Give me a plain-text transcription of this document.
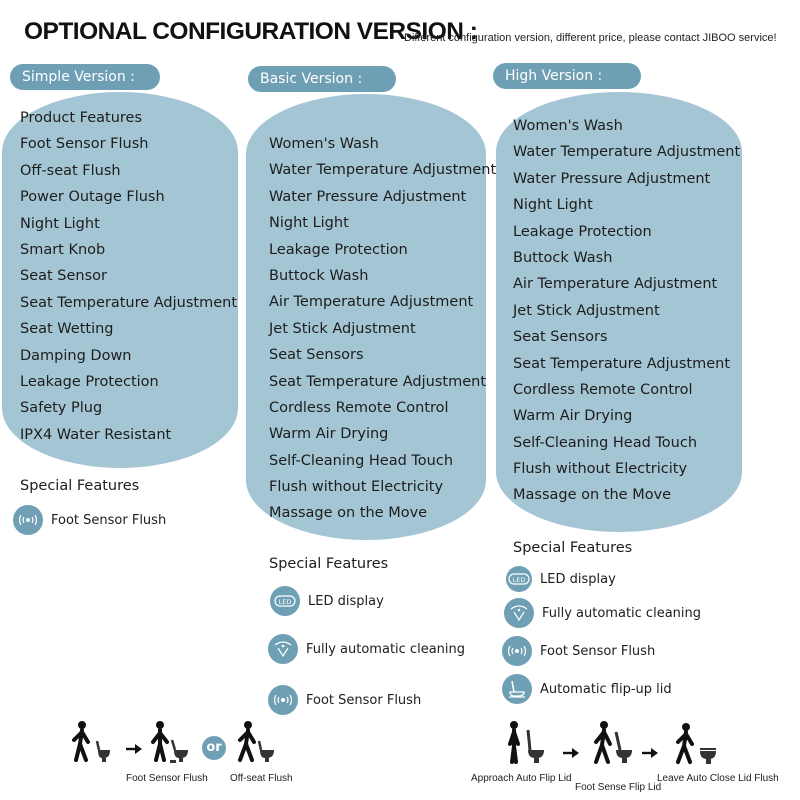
OPTIONAL CONFIGURATION VERSION :
Different configuration version, different price, please contact JIBOO service!
Simple Version :
Product Features
Foot Sensor Flush
Off-seat Flush
Power Outage Flush
Night Light
Smart Knob
Seat Sensor
Seat Temperature Adjustment
Seat Wetting
Damping Down
Leakage Protection
Safety Plug
IPX4 Water Resistant
Special Features
Foot Sensor Flush
Basic Version :
Women's Wash
Water Temperature Adjustment
Water Pressure Adjustment
Night Light
Leakage Protection
Buttock Wash
Air Temperature Adjustment
Jet Stick Adjustment
Seat Sensors
Seat Temperature Adjustment
Cordless Remote Control
Warm Air Drying
Self-Cleaning Head Touch
Flush without Electricity
Massage on the Move
Special Features
LED LED display
Fully automatic cleaning
Foot Sensor Flush
High Version :
Women's Wash
Water Temperature Adjustment
Water Pressure Adjustment
Night Light
Leakage Protection
Buttock Wash
Air Temperature Adjustment
Jet Stick Adjustment
Seat Sensors
Seat Temperature Adjustment
Cordless Remote Control
Warm Air Drying
Self-Cleaning Head Touch
Flush without Electricity
Massage on the Move
Special Features
LED LED display
Fully automatic cleaning
Foot Sensor Flush
Automatic flip-up lid
or
Foot Sensor Flush Off-seat Flush	Approach Auto Flip Lid
Foot Sense Flip Lid
Leave Auto Close Lid Flush
